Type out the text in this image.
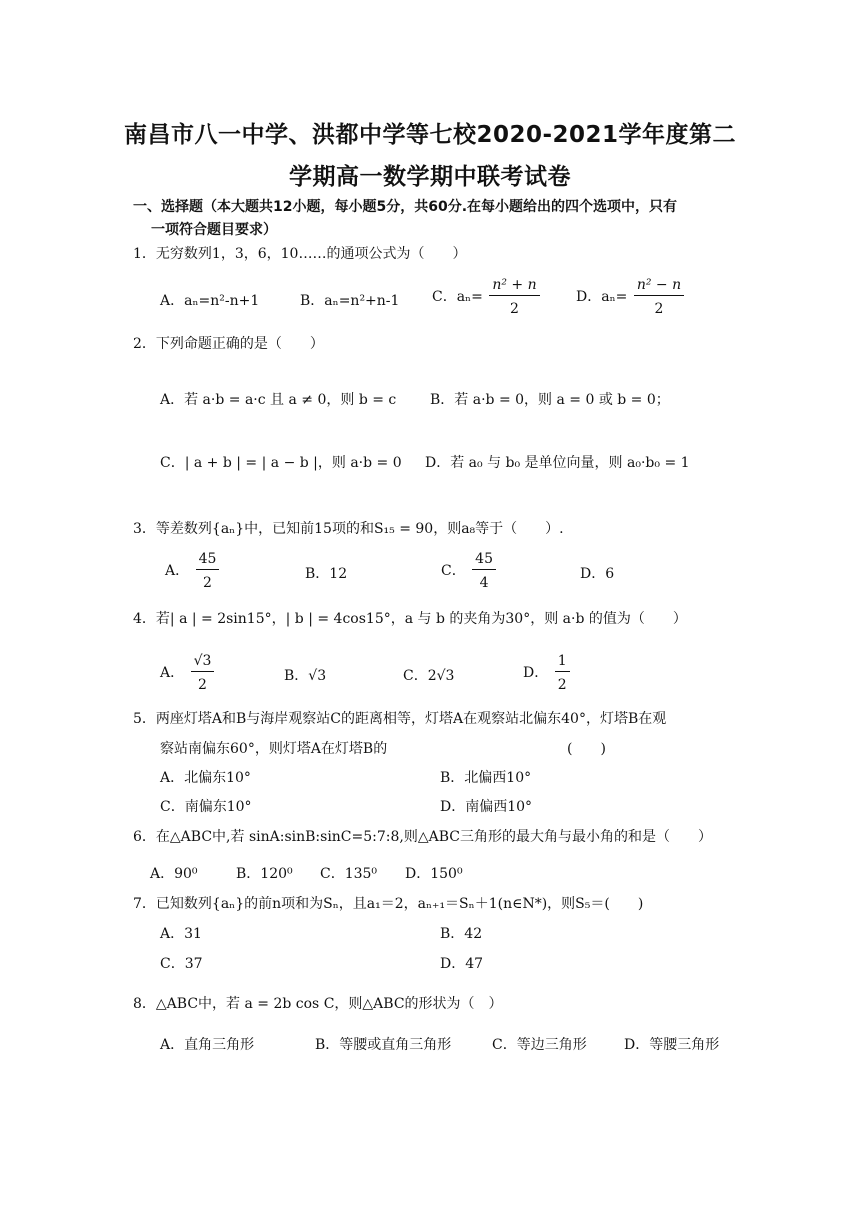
南昌市八一中学、洪都中学等七校2020-2021学年度第二
学期高一数学期中联考试卷
一、选择题（本大题共12小题，每小题5分，共60分.在每小题给出的四个选项中，只有
一项符合题目要求）
1．无穷数列1，3，6，10……的通项公式为（　　）
A．aₙ=n²-n+1	B．aₙ=n²+n-1 C．$a_n= \frac{\text{n² + n}}{2}$	D．$a_n= \frac{\text{n² − n}}{2}$
2．下列命题正确的是（　　）
A．若 a·b = a·c 且 a ≠ 0，则 b = c B．若 a·b = 0，则 a = 0 或 b = 0；
C．| a + b | = | a − b |，则 a·b = 0 D．若 a₀ 与 b₀ 是单位向量，则 a₀·b₀ = 1
3．等差数列{aₙ}中，已知前15项的和S₁₅ = 90，则a₈等于（　　）.
A． $\frac{45}{2}$	B．12	C． $\frac{45}{4}$	D．6
4．若| a | = 2sin15°，| b | = 4cos15°，a 与 b 的夹角为30°，则 a·b 的值为（　　）
A． $\frac{√3}{2}$	B．√3	C．2√3	D． $\frac{1}{2}$
5．两座灯塔A和B与海岸观察站C的距离相等，灯塔A在观察站北偏东40°，灯塔B在观
察站南偏东60°，则灯塔A在灯塔B的	(　　)
A．北偏东10°	B．北偏西10°
C．南偏东10°	D．南偏西10°
6．在△ABC中,若 sinA:sinB:sinC=5:7:8,则△ABC三角形的最大角与最小角的和是（　　）
A．90⁰	B．120⁰ C．135⁰ D．150⁰
7．已知数列{aₙ}的前n项和为Sₙ，且a₁＝2，aₙ₊₁＝Sₙ＋1(n∈N*)，则S₅＝(　　)
A．31	B．42
C．37	D．47
8．△ABC中，若 a = 2b cos C，则△ABC的形状为（　）
A．直角三角形	B．等腰或直角三角形	C．等边三角形	D．等腰三角形
